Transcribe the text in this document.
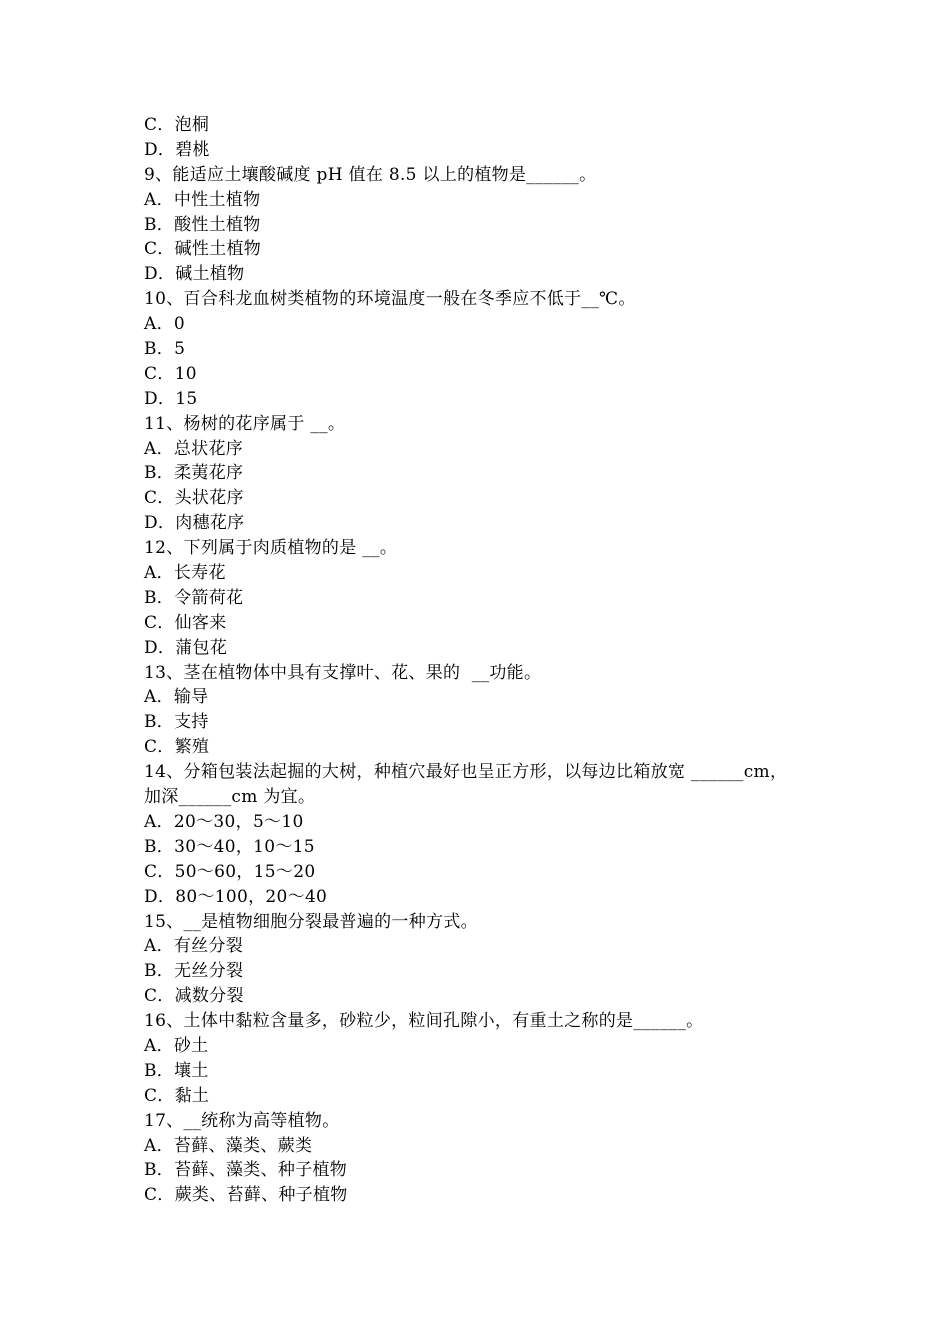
C．泡桐
D．碧桃
9、能适应土壤酸碱度 pH 值在 8.5 以上的植物是______。
A．中性土植物
B．酸性土植物
C．碱性土植物
D．碱土植物
10、百合科龙血树类植物的环境温度一般在冬季应不低于__℃。
A．0
B．5
C．10
D．15
11、杨树的花序属于 __。
A．总状花序
B．柔荑花序
C．头状花序
D．肉穗花序
12、下列属于肉质植物的是 __。
A．长寿花
B．令箭荷花
C．仙客来
D．蒲包花
13、茎在植物体中具有支撑叶、花、果的  __功能。
A．输导
B．支持
C．繁殖
14、分箱包装法起掘的大树，种植穴最好也呈正方形，以每边比箱放宽 ______cm，
加深______cm 为宜。
A．20～30，5～10
B．30～40，10～15
C．50～60，15～20
D．80～100，20～40
15、__是植物细胞分裂最普遍的一种方式。
A．有丝分裂
B．无丝分裂
C．减数分裂
16、土体中黏粒含量多，砂粒少，粒间孔隙小，有重土之称的是______。
A．砂土
B．壤土
C．黏土
17、__统称为高等植物。
A．苔藓、藻类、蕨类
B．苔藓、藻类、种子植物
C．蕨类、苔藓、种子植物
